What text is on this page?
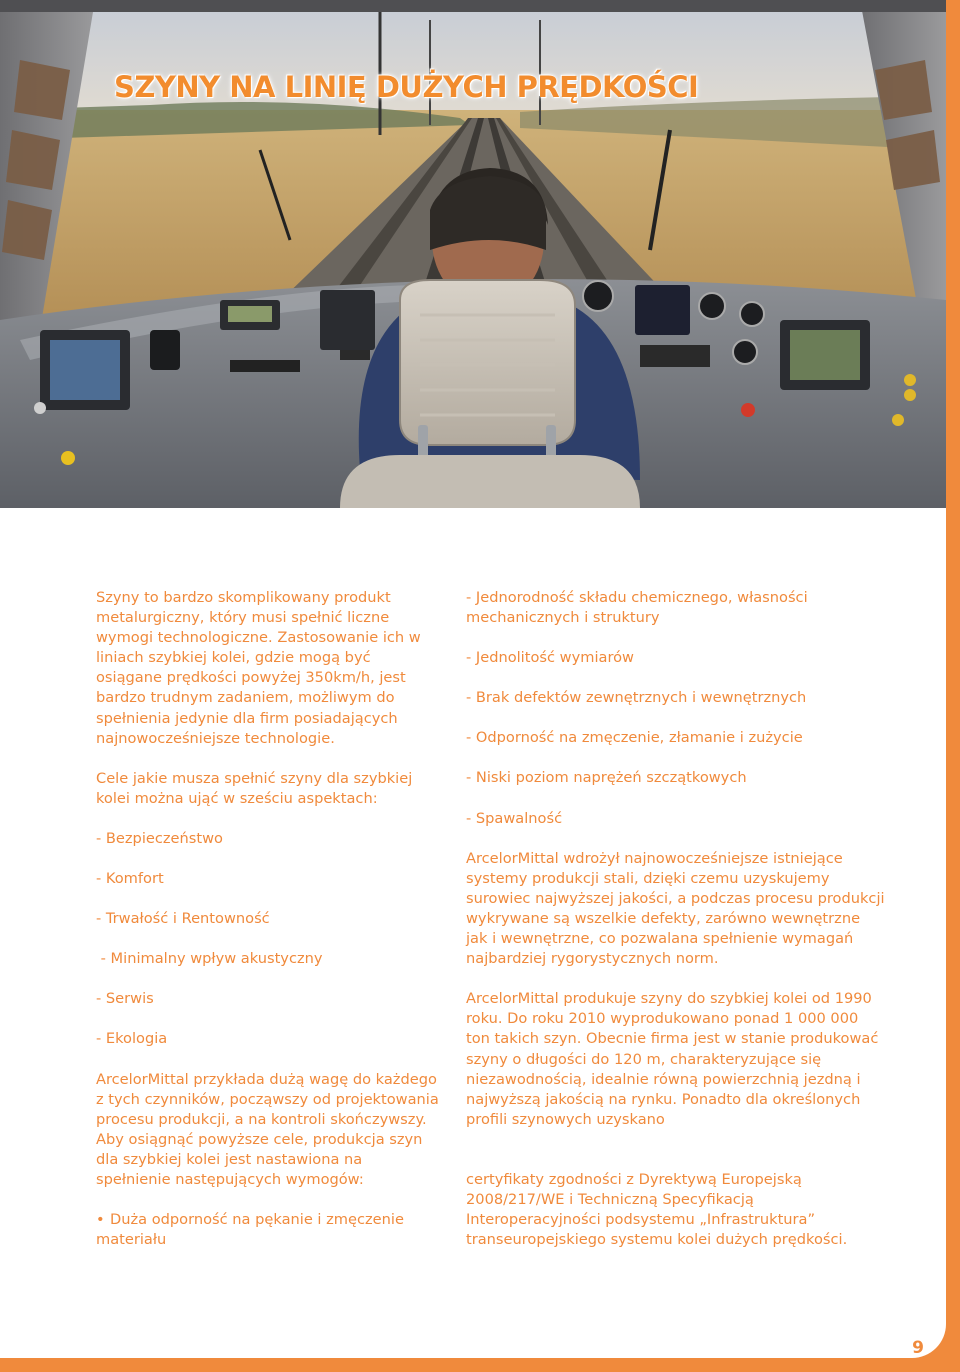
SZYNY NA LINIĘ DUŻYCH PRĘDKOŚCI

Szyny to bardzo skomplikowany produkt metalurgiczny, który musi spełnić liczne wymogi technologiczne. Zastosowanie ich w liniach szybkiej kolei, gdzie mogą być osiągane prędkości powyżej 350km/h, jest bardzo trudnym zadaniem, możliwym do spełnienia jedynie dla firm posiadających najnowocześniejsze technologie.

Cele jakie musza spełnić szyny dla szybkiej kolei można ująć w sześciu aspektach:

- Bezpieczeństwo

- Komfort

- Trwałość i Rentowność

- Minimalny wpływ akustyczny

- Serwis

- Ekologia

ArcelorMittal przykłada dużą wagę do każdego z tych czynników, począwszy od projektowania procesu produkcji, a na kontroli skończywszy. Aby osiągnąć powyższe cele, produkcja szyn dla szybkiej kolei jest nastawiona na spełnienie następujących wymogów:

• Duża odporność na pękanie i zmęczenie materiału

- Jednorodność składu chemicznego, własności mechanicznych i struktury

- Jednolitość wymiarów

- Brak defektów zewnętrznych i wewnętrznych

- Odporność na zmęczenie, złamanie i zużycie

- Niski poziom naprężeń szczątkowych

- Spawalność

ArcelorMittal wdrożył najnowocześniejsze istniejące systemy produkcji stali, dzięki czemu uzyskujemy surowiec najwyższej jakości, a podczas procesu produkcji wykrywane są wszelkie defekty, zarówno wewnętrzne jak i wewnętrzne, co pozwalana spełnienie wymagań najbardziej rygorystycznych norm.

ArcelorMittal produkuje szyny do szybkiej kolei od 1990 roku. Do roku 2010 wyprodukowano ponad 1 000 000 ton takich szyn. Obecnie firma jest w stanie produkować szyny o długości do 120 m, charakteryzujące się niezawodnością, idealnie równą powierzchnią jezdną i najwyższą jakością na rynku. Ponadto dla określonych profili szynowych uzyskano

certyfikaty zgodności z Dyrektywą Europejską 2008/217/WE i Techniczną Specyfikacją Interoperacyjności podsystemu „Infrastruktura” transeuropejskiego systemu kolei dużych prędkości.

9
